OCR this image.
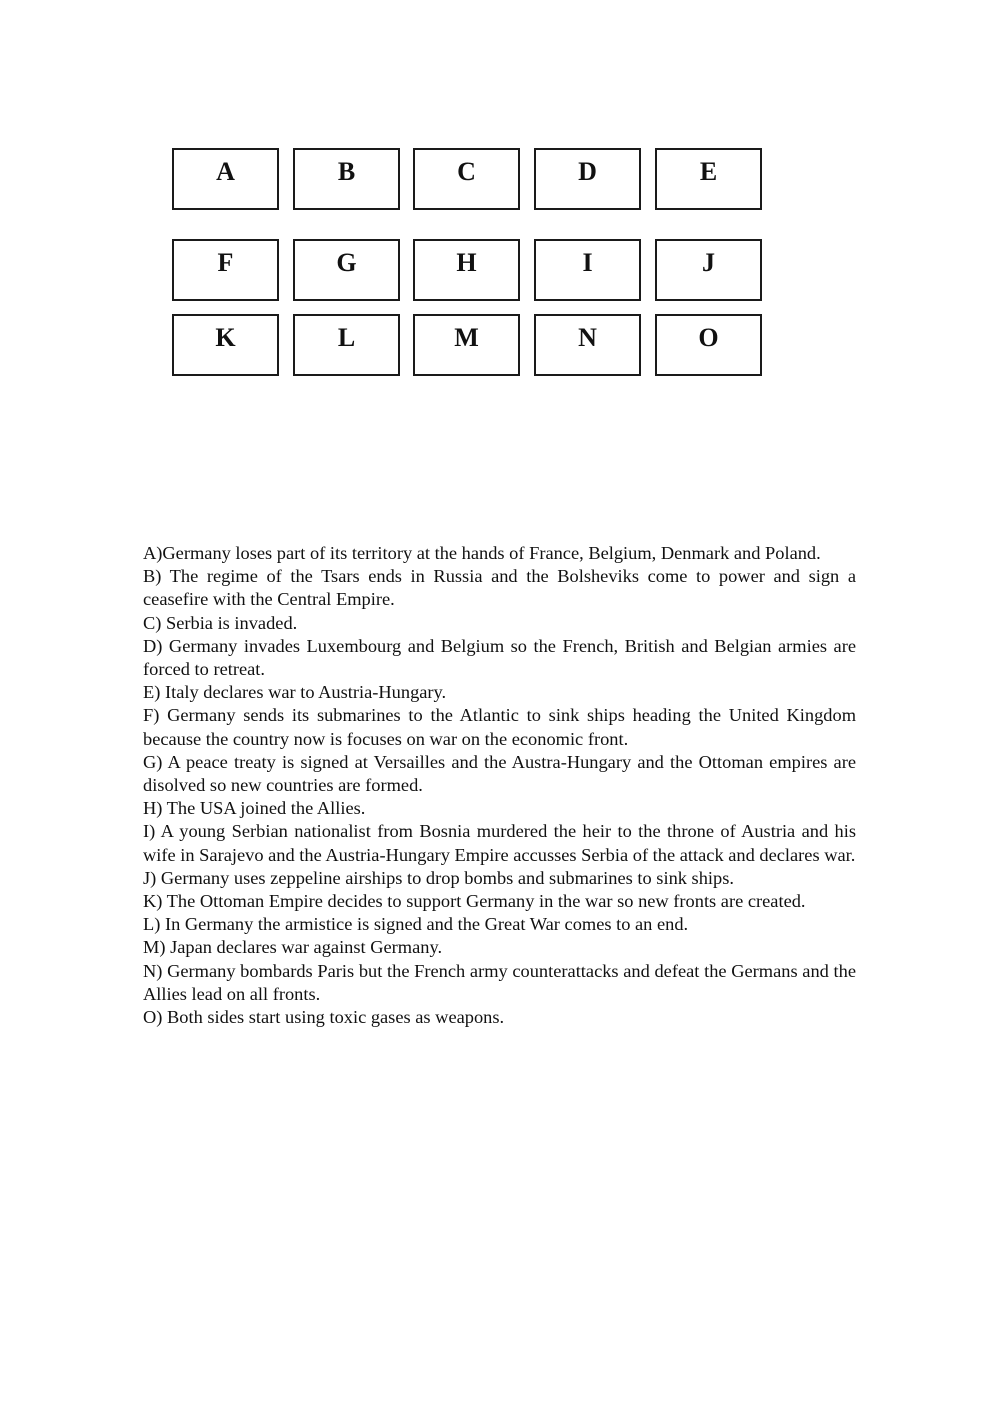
A	B	C	D	E
F	G	H	I	J
K	L	M	N	O

A)Germany loses part of its territory at the hands of France, Belgium, Denmark and Poland.

B) The regime of the Tsars ends in Russia and the Bolsheviks come to power and sign a ceasefire with the Central Empire.

C) Serbia is invaded.

D) Germany invades Luxembourg and Belgium so the French, British and Belgian armies are forced to retreat.

E) Italy declares war to Austria-Hungary.

F) Germany sends its submarines to the Atlantic to sink ships heading the United Kingdom because the country now is focuses on war on the economic front.

G) A peace treaty is signed at Versailles and the Austra-Hungary and the Ottoman empires are disolved so new countries are formed.

H) The USA joined the Allies.

I) A young Serbian nationalist from Bosnia murdered the heir to the throne of Austria and his wife in Sarajevo and the Austria-Hungary Empire accusses Serbia of the attack and declares war.

J) Germany uses zeppeline airships to drop bombs and submarines to sink ships.

K) The Ottoman Empire decides to support Germany in the war so new fronts are created.

L) In Germany the armistice is signed and the Great War comes to an end.

M) Japan declares war against Germany.

N) Germany bombards Paris but the French army counterattacks and defeat the Germans and the Allies lead on all fronts.

O) Both sides start using toxic gases as weapons.
